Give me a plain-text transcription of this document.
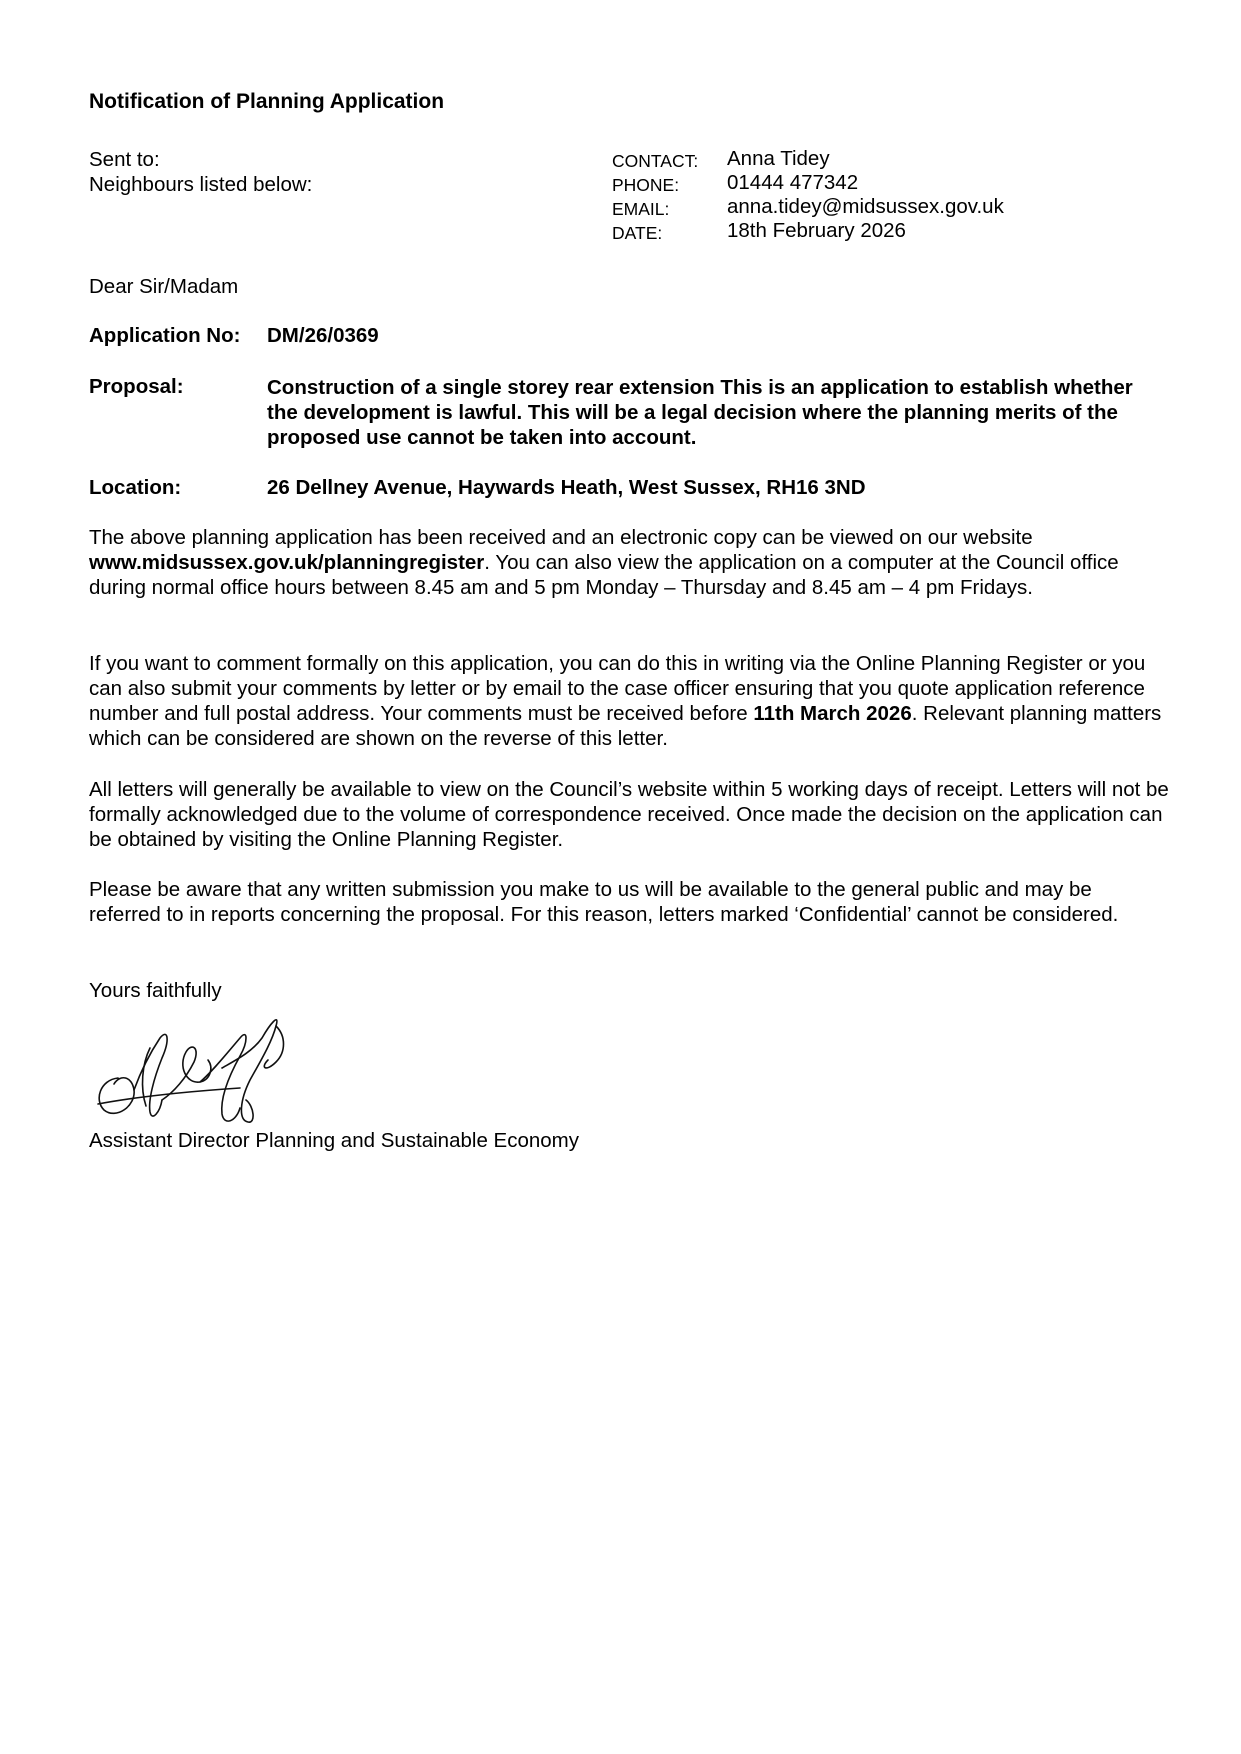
Notification of Planning Application
Sent to:
Neighbours listed below:
CONTACT: Anna Tidey
PHONE: 01444 477342
EMAIL:	anna.tidey@midsussex.gov.uk
DATE:	18th February 2026
Dear Sir/Madam
Application No: DM/26/0369
Proposal:	Construction of a single storey rear extension This is an application to establish whether the development is lawful. This will be a legal decision where the planning merits of the proposed use cannot be taken into account.
Location:	26 Dellney Avenue, Haywards Heath, West Sussex, RH16 3ND
The above planning application has been received and an electronic copy can be viewed on our website www.midsussex.gov.uk/planningregister. You can also view the application on a computer at the Council office during normal office hours between 8.45 am and 5 pm Monday – Thursday and 8.45 am – 4 pm Fridays.
If you want to comment formally on this application, you can do this in writing via the Online Planning Register or you can also submit your comments by letter or by email to the case officer ensuring that you quote application reference number and full postal address. Your comments must be received before 11th March 2026. Relevant planning matters which can be considered are shown on the reverse of this letter.
All letters will generally be available to view on the Council’s website within 5 working days of receipt. Letters will not be formally acknowledged due to the volume of correspondence received. Once made the decision on the application can be obtained by visiting the Online Planning Register.
Please be aware that any written submission you make to us will be available to the general public and may be referred to in reports concerning the proposal. For this reason, letters marked ‘Confidential’ cannot be considered.
Yours faithfully
Assistant Director Planning and Sustainable Economy
